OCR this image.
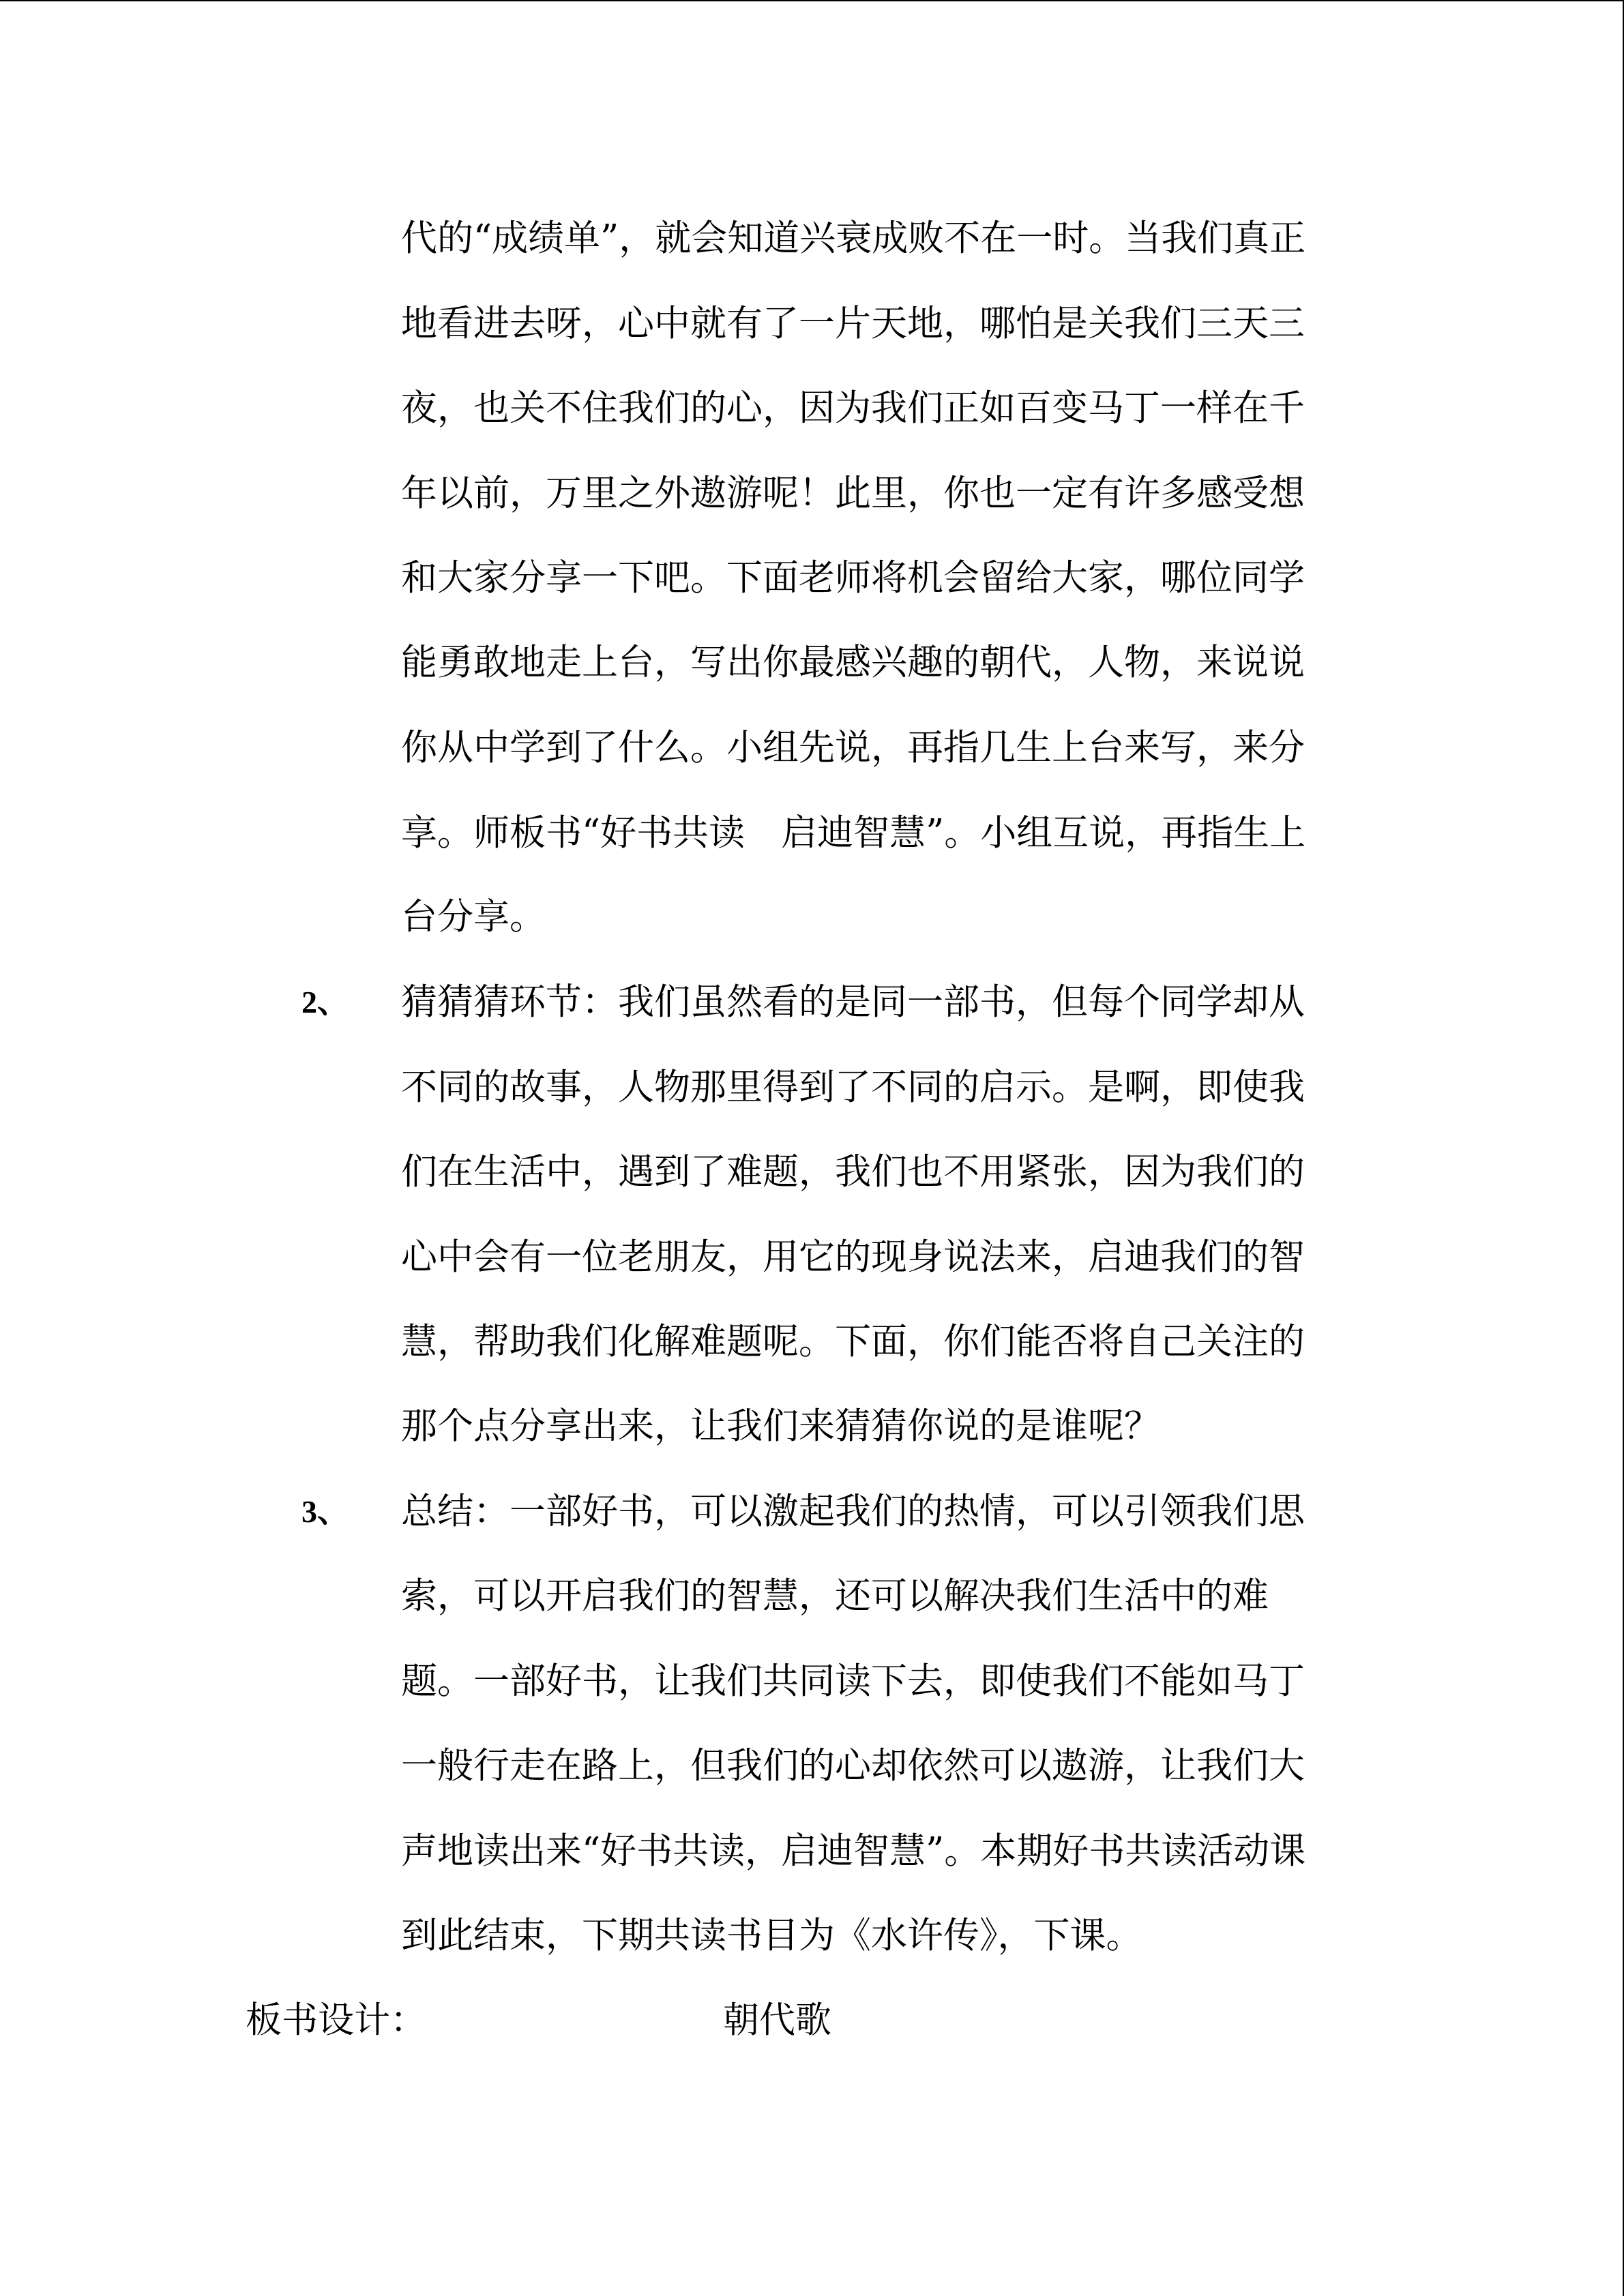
代的“成绩单”，就会知道兴衰成败不在一时。当我们真正
地看进去呀，心中就有了一片天地，哪怕是关我们三天三
夜，也关不住我们的心，因为我们正如百变马丁一样在千
年以前，万里之外遨游呢！此里，你也一定有许多感受想
和大家分享一下吧。下面老师将机会留给大家，哪位同学
能勇敢地走上台，写出你最感兴趣的朝代，人物，来说说
你从中学到了什么。小组先说，再指几生上台来写，来分
享。师板书“好书共读　启迪智慧”。小组互说，再指生上
台分享。
2、 猜猜猜环节：我们虽然看的是同一部书，但每个同学却从
不同的故事，人物那里得到了不同的启示。是啊，即使我
们在生活中，遇到了难题，我们也不用紧张，因为我们的
心中会有一位老朋友，用它的现身说法来，启迪我们的智
慧，帮助我们化解难题呢。下面，你们能否将自己关注的
那个点分享出来，让我们来猜猜你说的是谁呢？
3、 总结：一部好书，可以激起我们的热情，可以引领我们思
索，可以开启我们的智慧，还可以解决我们生活中的难
题。一部好书，让我们共同读下去，即使我们不能如马丁
一般行走在路上，但我们的心却依然可以遨游，让我们大
声地读出来“好书共读，启迪智慧”。本期好书共读活动课
到此结束，下期共读书目为《水许传》，下课。
板书设计：	朝代歌
